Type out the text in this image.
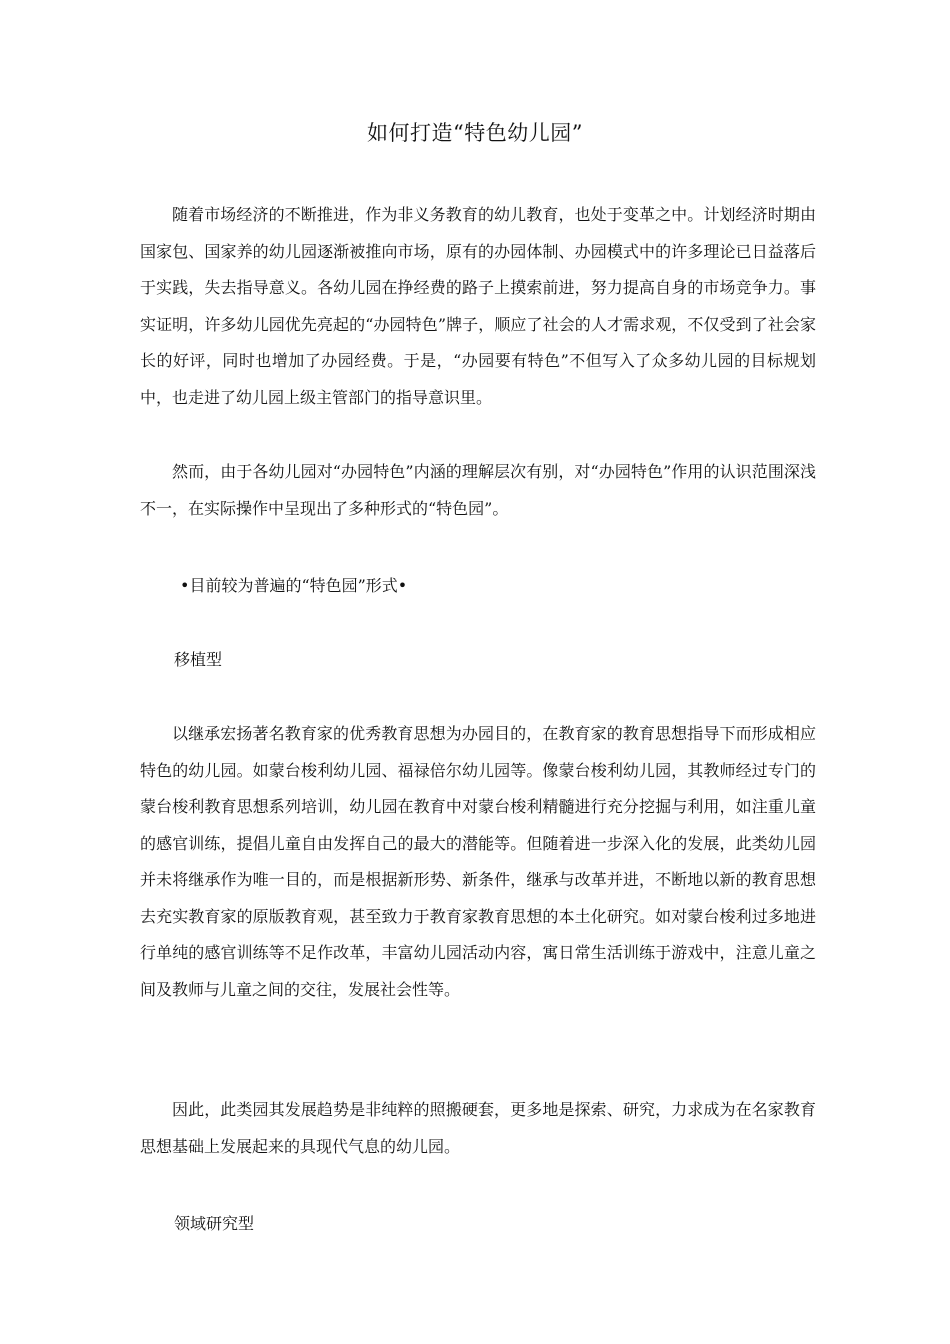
如何打造“特色幼儿园”

随着市场经济的不断推进，作为非义务教育的幼儿教育，也处于变革之中。计划经济时期由国家包、国家养的幼儿园逐渐被推向市场，原有的办园体制、办园模式中的许多理论已日益落后于实践，失去指导意义。各幼儿园在挣经费的路子上摸索前进，努力提高自身的市场竞争力。事实证明，许多幼儿园优先亮起的“办园特色”牌子，顺应了社会的人才需求观，不仅受到了社会家长的好评，同时也增加了办园经费。于是，“办园要有特色”不但写入了众多幼儿园的目标规划中，也走进了幼儿园上级主管部门的指导意识里。

然而，由于各幼儿园对“办园特色”内涵的理解层次有别，对“办园特色”作用的认识范围深浅不一，在实际操作中呈现出了多种形式的“特色园”。

•目前较为普遍的“特色园”形式•

移植型

以继承宏扬著名教育家的优秀教育思想为办园目的，在教育家的教育思想指导下而形成相应特色的幼儿园。如蒙台梭利幼儿园、福禄倍尔幼儿园等。像蒙台梭利幼儿园，其教师经过专门的蒙台梭利教育思想系列培训，幼儿园在教育中对蒙台梭利精髓进行充分挖掘与利用，如注重儿童的感官训练，提倡儿童自由发挥自己的最大的潜能等。但随着进一步深入化的发展，此类幼儿园并未将继承作为唯一目的，而是根据新形势、新条件，继承与改革并进，不断地以新的教育思想去充实教育家的原版教育观，甚至致力于教育家教育思想的本土化研究。如对蒙台梭利过多地进行单纯的感官训练等不足作改革，丰富幼儿园活动内容，寓日常生活训练于游戏中，注意儿童之间及教师与儿童之间的交往，发展社会性等。

因此，此类园其发展趋势是非纯粹的照搬硬套，更多地是探索、研究，力求成为在名家教育思想基础上发展起来的具现代气息的幼儿园。

领域研究型
